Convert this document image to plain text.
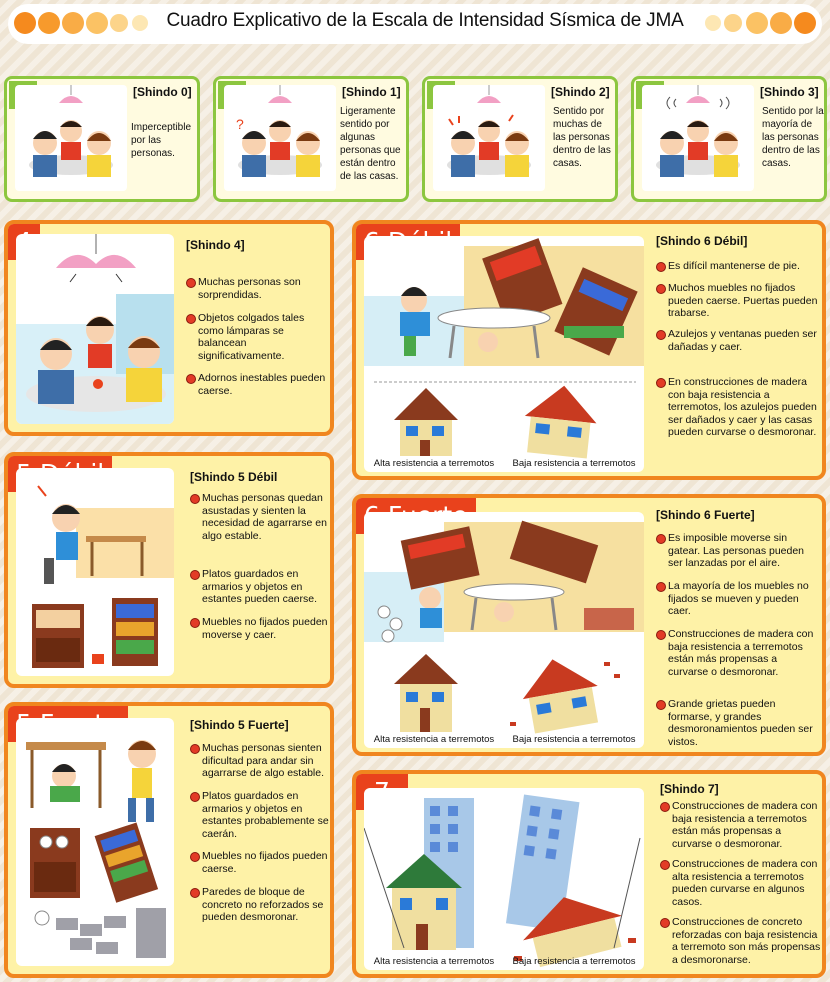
Cuadro Explicativo de la Escala de Intensidad Sísmica de JMA
[Shindo 0]
Imperceptible por las personas.
?
[Shindo 1]
Ligeramente sentido por algunas personas que están dentro de las casas.
[Shindo 2]
Sentido por muchas de las personas dentro de las casas.
[Shindo 3]
Sentido por la mayoría de las personas dentro de las casas.
[Shindo 4]
Muchas personas son sorprendidas.
Objetos colgados tales como lámparas se balancean significativamente.
Adornos inestables pueden caerse.
[Shindo 5 Débil
Muchas personas quedan asustadas y sienten la necesidad de agarrarse en algo estable.
Platos guardados en armarios y objetos en estantes pueden caerse.
Muebles no fijados pueden moverse y caer.
[Shindo 5 Fuerte]
Muchas personas sienten dificultad para andar sin agarrarse de algo estable.
Platos guardados en armarios y objetos en estantes probablemente se caerán.
Muebles no fijados pueden caerse.
Paredes de bloque de concreto no reforzados se pueden desmoronar.
Alta resistencia a terremotos	Baja resistencia a terremotos
[Shindo 6 Débil]
Es difícil mantenerse de pie.
Muchos muebles no fijados pueden caerse. Puertas pueden trabarse.
Azulejos y ventanas pueden ser dañadas y caer.
En construcciones de madera con baja resistencia a terremotos, los azulejos pueden ser dañados y caer y las casas pueden curvarse o desmoronar.
Alta resistencia a terremotos	Baja resistencia a terremotos
[Shindo 6 Fuerte]
Es imposible moverse sin gatear. Las personas pueden ser lanzadas por el aire.
La mayoría de los muebles no fijados se mueven y pueden caer.
Construcciones de madera con baja resistencia a terremotos están más propensas a curvarse o desmoronar.
Grande grietas pueden formarse, y grandes desmoronamientos pueden ser vistos.
Alta resistencia a terremotos	Baja resistencia a terremotos
[Shindo 7]
Construcciones de madera con baja resistencia a terremotos están más propensas a curvarse o desmoronar.
Construcciones de madera con alta resistencia a terremotos pueden curvarse en algunos casos.
Construcciones de concreto reforzadas con baja resistencia a terremoto son más propensas a desmoronarse.
